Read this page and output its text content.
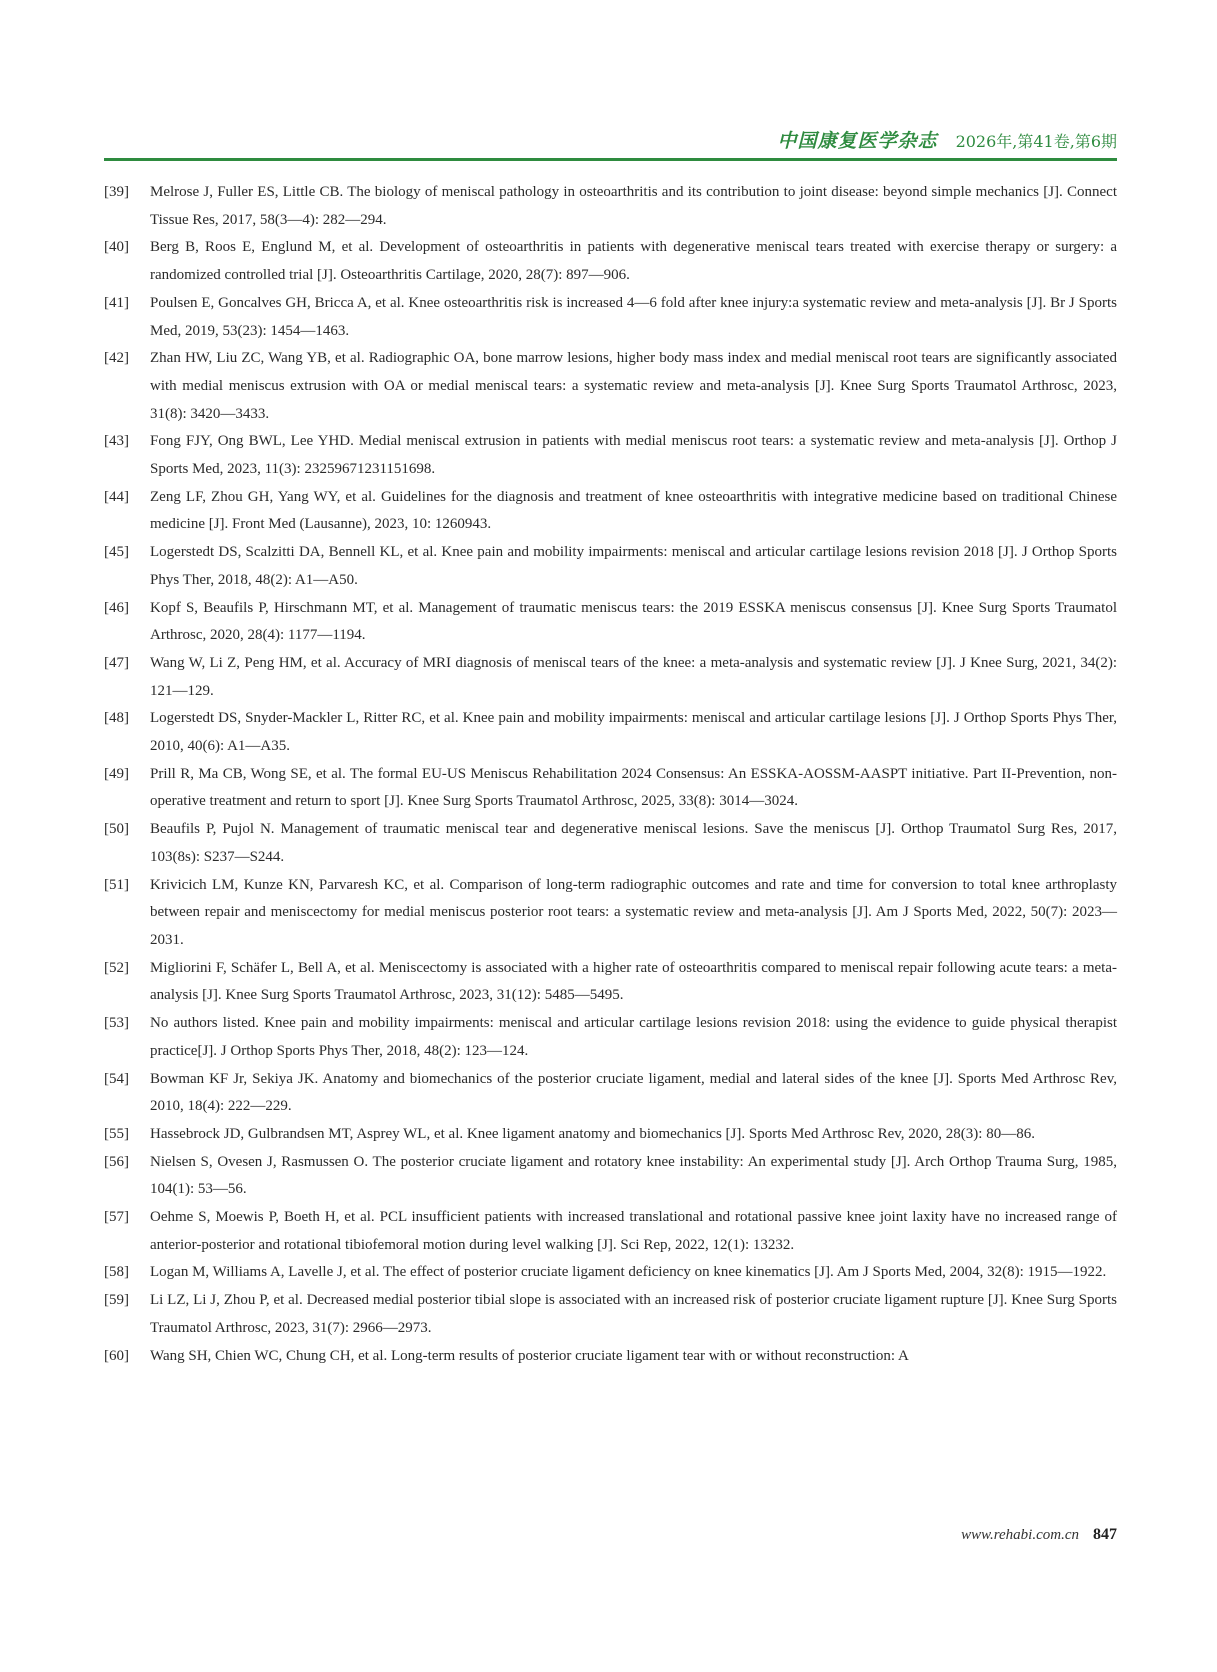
中国康复医学杂志 2026年,第41卷,第6期
[39] Melrose J, Fuller ES, Little CB. The biology of meniscal pathology in osteoarthritis and its contribution to joint disease: beyond simple mechanics [J]. Connect Tissue Res, 2017, 58(3—4): 282—294.
[40] Berg B, Roos E, Englund M, et al. Development of osteoarthritis in patients with degenerative meniscal tears treated with exercise therapy or surgery: a randomized controlled trial [J]. Osteoarthritis Cartilage, 2020, 28(7): 897—906.
[41] Poulsen E, Goncalves GH, Bricca A, et al. Knee osteoarthritis risk is increased 4—6 fold after knee injury:a systematic review and meta-analysis [J]. Br J Sports Med, 2019, 53(23): 1454—1463.
[42] Zhan HW, Liu ZC, Wang YB, et al. Radiographic OA, bone marrow lesions, higher body mass index and medial meniscal root tears are significantly associated with medial meniscus extrusion with OA or medial meniscal tears: a systematic review and meta-analysis [J]. Knee Surg Sports Traumatol Arthrosc, 2023, 31(8): 3420—3433.
[43] Fong FJY, Ong BWL, Lee YHD. Medial meniscal extrusion in patients with medial meniscus root tears: a systematic review and meta-analysis [J]. Orthop J Sports Med, 2023, 11(3): 23259671231151698.
[44] Zeng LF, Zhou GH, Yang WY, et al. Guidelines for the diagnosis and treatment of knee osteoarthritis with integrative medicine based on traditional Chinese medicine [J]. Front Med (Lausanne), 2023, 10: 1260943.
[45] Logerstedt DS, Scalzitti DA, Bennell KL, et al. Knee pain and mobility impairments: meniscal and articular cartilage lesions revision 2018 [J]. J Orthop Sports Phys Ther, 2018, 48(2): A1—A50.
[46] Kopf S, Beaufils P, Hirschmann MT, et al. Management of traumatic meniscus tears: the 2019 ESSKA meniscus consensus [J]. Knee Surg Sports Traumatol Arthrosc, 2020, 28(4): 1177—1194.
[47] Wang W, Li Z, Peng HM, et al. Accuracy of MRI diagnosis of meniscal tears of the knee: a meta-analysis and systematic review [J]. J Knee Surg, 2021, 34(2): 121—129.
[48] Logerstedt DS, Snyder-Mackler L, Ritter RC, et al. Knee pain and mobility impairments: meniscal and articular cartilage lesions [J]. J Orthop Sports Phys Ther, 2010, 40(6): A1—A35.
[49] Prill R, Ma CB, Wong SE, et al. The formal EU-US Meniscus Rehabilitation 2024 Consensus: An ESSKA-AOSSM-AASPT initiative. Part II-Prevention, non-operative treatment and return to sport [J]. Knee Surg Sports Traumatol Arthrosc, 2025, 33(8): 3014—3024.
[50] Beaufils P, Pujol N. Management of traumatic meniscal tear and degenerative meniscal lesions. Save the meniscus [J]. Orthop Traumatol Surg Res, 2017, 103(8s): S237—S244.
[51] Krivicich LM, Kunze KN, Parvaresh KC, et al. Comparison of long-term radiographic outcomes and rate and time for conversion to total knee arthroplasty between repair and meniscectomy for medial meniscus posterior root tears: a systematic review and meta-analysis [J]. Am J Sports Med, 2022, 50(7): 2023—2031.
[52] Migliorini F, Schäfer L, Bell A, et al. Meniscectomy is associated with a higher rate of osteoarthritis compared to meniscal repair following acute tears: a meta-analysis [J]. Knee Surg Sports Traumatol Arthrosc, 2023, 31(12): 5485—5495.
[53] No authors listed. Knee pain and mobility impairments: meniscal and articular cartilage lesions revision 2018: using the evidence to guide physical therapist practice[J]. J Orthop Sports Phys Ther, 2018, 48(2): 123—124.
[54] Bowman KF Jr, Sekiya JK. Anatomy and biomechanics of the posterior cruciate ligament, medial and lateral sides of the knee [J]. Sports Med Arthrosc Rev, 2010, 18(4): 222—229.
[55] Hassebrock JD, Gulbrandsen MT, Asprey WL, et al. Knee ligament anatomy and biomechanics [J]. Sports Med Arthrosc Rev, 2020, 28(3): 80—86.
[56] Nielsen S, Ovesen J, Rasmussen O. The posterior cruciate ligament and rotatory knee instability: An experimental study [J]. Arch Orthop Trauma Surg, 1985, 104(1): 53—56.
[57] Oehme S, Moewis P, Boeth H, et al. PCL insufficient patients with increased translational and rotational passive knee joint laxity have no increased range of anterior-posterior and rotational tibiofemoral motion during level walking [J]. Sci Rep, 2022, 12(1): 13232.
[58] Logan M, Williams A, Lavelle J, et al. The effect of posterior cruciate ligament deficiency on knee kinematics [J]. Am J Sports Med, 2004, 32(8): 1915—1922.
[59] Li LZ, Li J, Zhou P, et al. Decreased medial posterior tibial slope is associated with an increased risk of posterior cruciate ligament rupture [J]. Knee Surg Sports Traumatol Arthrosc, 2023, 31(7): 2966—2973.
[60] Wang SH, Chien WC, Chung CH, et al. Long-term results of posterior cruciate ligament tear with or without reconstruction: A
www.rehabi.com.cn 847
